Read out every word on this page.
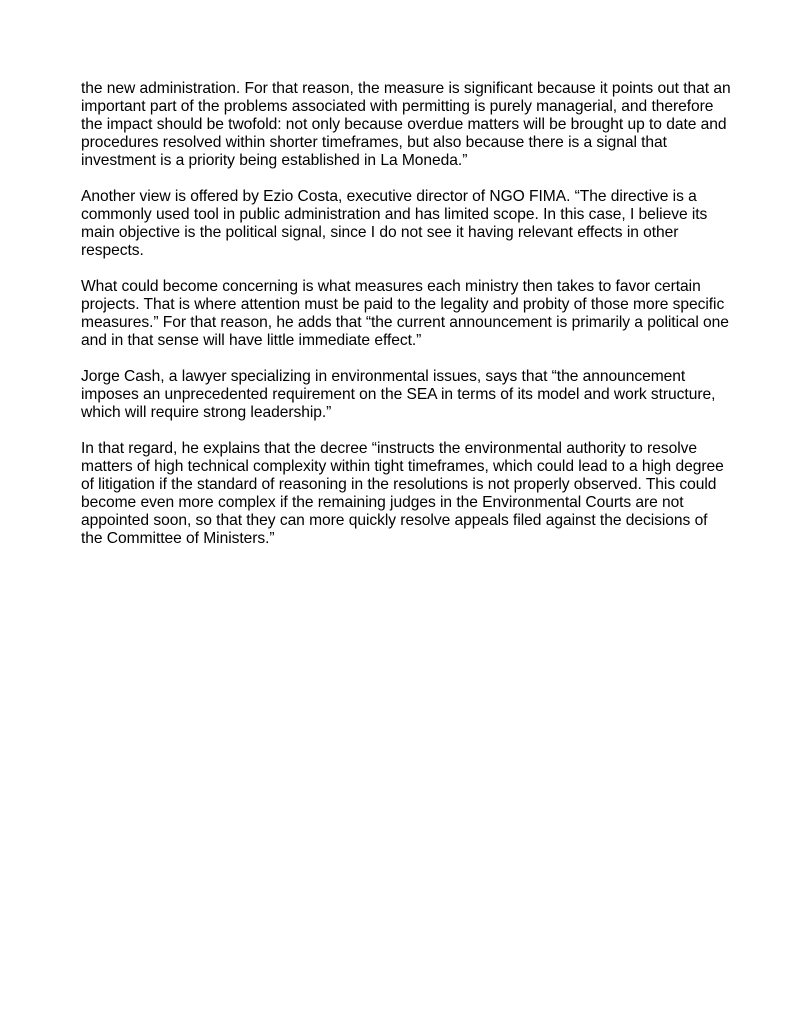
the new administration. For that reason, the measure is significant because it points out that an important part of the problems associated with permitting is purely managerial, and therefore the impact should be twofold: not only because overdue matters will be brought up to date and procedures resolved within shorter timeframes, but also because there is a signal that investment is a priority being established in La Moneda.”

Another view is offered by Ezio Costa, executive director of NGO FIMA. “The directive is a commonly used tool in public administration and has limited scope. In this case, I believe its main objective is the political signal, since I do not see it having relevant effects in other respects.

What could become concerning is what measures each ministry then takes to favor certain projects. That is where attention must be paid to the legality and probity of those more specific measures.” For that reason, he adds that “the current announcement is primarily a political one and in that sense will have little immediate effect.”

Jorge Cash, a lawyer specializing in environmental issues, says that “the announcement imposes an unprecedented requirement on the SEA in terms of its model and work structure, which will require strong leadership.”

In that regard, he explains that the decree “instructs the environmental authority to resolve matters of high technical complexity within tight timeframes, which could lead to a high degree of litigation if the standard of reasoning in the resolutions is not properly observed. This could become even more complex if the remaining judges in the Environmental Courts are not appointed soon, so that they can more quickly resolve appeals filed against the decisions of the Committee of Ministers.”
